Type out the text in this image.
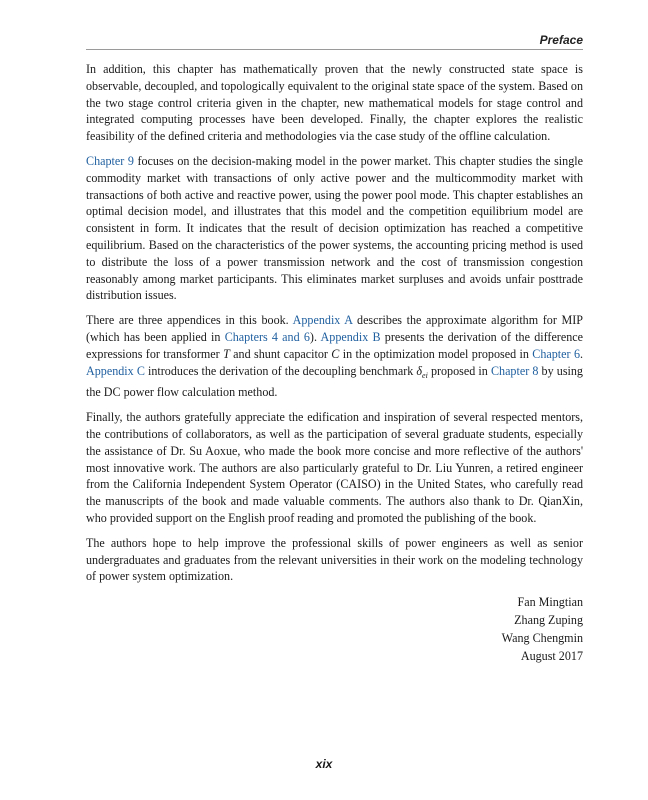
Preface

In addition, this chapter has mathematically proven that the newly constructed state space is observable, decoupled, and topologically equivalent to the original state space of the system. Based on the two stage control criteria given in the chapter, new mathematical models for stage control and integrated computing processes have been developed. Finally, the chapter explores the realistic feasibility of the defined criteria and methodologies via the case study of the offline calculation.

Chapter 9 focuses on the decision-making model in the power market. This chapter studies the single commodity market with transactions of only active power and the multicommodity market with transactions of both active and reactive power, using the power pool mode. This chapter establishes an optimal decision model, and illustrates that this model and the competition equilibrium model are consistent in form. It indicates that the result of decision optimization has reached a competitive equilibrium. Based on the characteristics of the power systems, the accounting pricing method is used to distribute the loss of a power transmission network and the cost of transmission congestion reasonably among market participants. This eliminates market surpluses and avoids unfair posttrade distribution issues.

There are three appendices in this book. Appendix A describes the approximate algorithm for MIP (which has been applied in Chapters 4 and 6). Appendix B presents the derivation of the difference expressions for transformer T and shunt capacitor C in the optimization model proposed in Chapter 6. Appendix C introduces the derivation of the decoupling benchmark $\delta_{ei}$ proposed in Chapter 8 by using the DC power flow calculation method.

Finally, the authors gratefully appreciate the edification and inspiration of several respected mentors, the contributions of collaborators, as well as the participation of several graduate students, especially the assistance of Dr. Su Aoxue, who made the book more concise and more reflective of the authors' most innovative work. The authors are also particularly grateful to Dr. Liu Yunren, a retired engineer from the California Independent System Operator (CAISO) in the United States, who carefully read the manuscripts of the book and made valuable comments. The authors also thank to Dr. QianXin, who provided support on the English proof reading and promoted the publishing of the book.

The authors hope to help improve the professional skills of power engineers as well as senior undergraduates and graduates from the relevant universities in their work on the modeling technology of power system optimization.

Fan Mingtian
Zhang Zuping
Wang Chengmin
August 2017
xix
